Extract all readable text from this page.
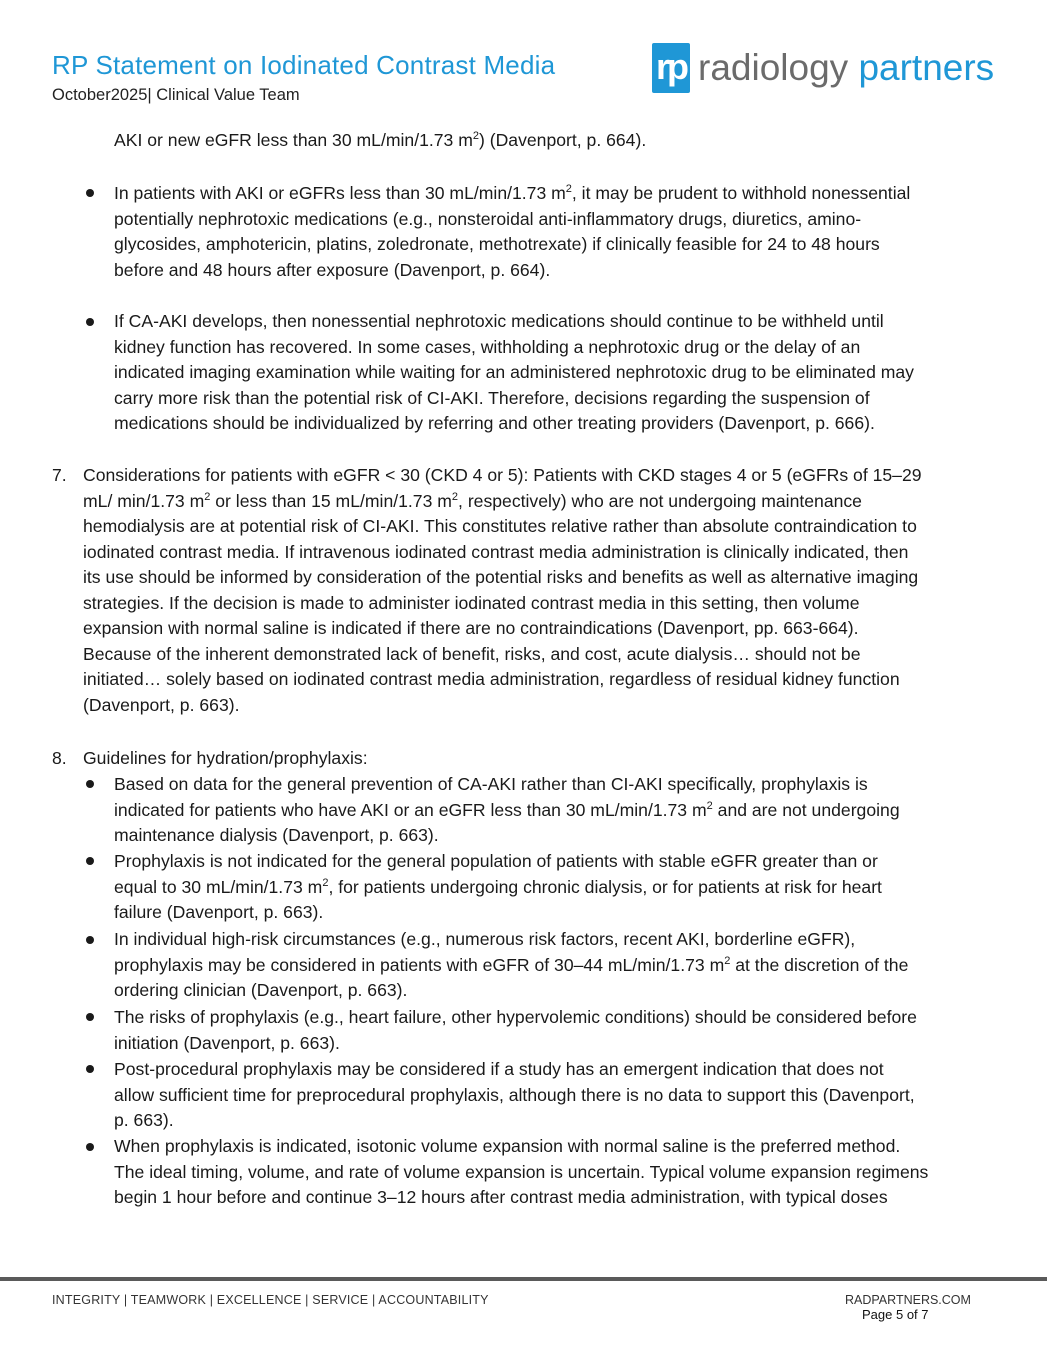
RP Statement on Iodinated Contrast Media
October2025| Clinical Value Team
rp radiology partners
AKI or new eGFR less than 30 mL/min/1.73 $m^2$) (Davenport, p. 664).
In patients with AKI or eGFRs less than 30 mL/min/1.73 $m^2$, it may be prudent to withhold nonessential
potentially nephrotoxic medications (e.g., nonsteroidal anti-inflammatory drugs, diuretics, amino-
glycosides, amphotericin, platins, zoledronate, methotrexate) if clinically feasible for 24 to 48 hours
before and 48 hours after exposure (Davenport, p. 664).
If CA-AKI develops, then nonessential nephrotoxic medications should continue to be withheld until
kidney function has recovered. In some cases, withholding a nephrotoxic drug or the delay of an
indicated imaging examination while waiting for an administered nephrotoxic drug to be eliminated may
carry more risk than the potential risk of CI-AKI. Therefore, decisions regarding the suspension of
medications should be individualized by referring and other treating providers (Davenport, p. 666).
7. Considerations for patients with eGFR < 30 (CKD 4 or 5): Patients with CKD stages 4 or 5 (eGFRs of 15–29
mL/ min/1.73 $m^2$ or less than 15 mL/min/1.73 $m^2$, respectively) who are not undergoing maintenance
hemodialysis are at potential risk of CI-AKI. This constitutes relative rather than absolute contraindication to
iodinated contrast media. If intravenous iodinated contrast media administration is clinically indicated, then
its use should be informed by consideration of the potential risks and benefits as well as alternative imaging
strategies. If the decision is made to administer iodinated contrast media in this setting, then volume
expansion with normal saline is indicated if there are no contraindications (Davenport, pp. 663-664).
Because of the inherent demonstrated lack of benefit, risks, and cost, acute dialysis… should not be
initiated… solely based on iodinated contrast media administration, regardless of residual kidney function
(Davenport, p. 663).
8. Guidelines for hydration/prophylaxis:
Based on data for the general prevention of CA-AKI rather than CI-AKI specifically, prophylaxis is
indicated for patients who have AKI or an eGFR less than 30 mL/min/1.73 $m^2$ and are not undergoing
maintenance dialysis (Davenport, p. 663).
Prophylaxis is not indicated for the general population of patients with stable eGFR greater than or
equal to 30 mL/min/1.73 $m^2$, for patients undergoing chronic dialysis, or for patients at risk for heart
failure (Davenport, p. 663).
In individual high-risk circumstances (e.g., numerous risk factors, recent AKI, borderline eGFR),
prophylaxis may be considered in patients with eGFR of 30–44 mL/min/1.73 $m^2$ at the discretion of the
ordering clinician (Davenport, p. 663).
The risks of prophylaxis (e.g., heart failure, other hypervolemic conditions) should be considered before
initiation (Davenport, p. 663).
Post-procedural prophylaxis may be considered if a study has an emergent indication that does not
allow sufficient time for preprocedural prophylaxis, although there is no data to support this (Davenport,
p. 663).
When prophylaxis is indicated, isotonic volume expansion with normal saline is the preferred method.
The ideal timing, volume, and rate of volume expansion is uncertain. Typical volume expansion regimens
begin 1 hour before and continue 3–12 hours after contrast media administration, with typical doses
INTEGRITY | TEAMWORK | EXCELLENCE | SERVICE | ACCOUNTABILITY	RADPARTNERS.COM
Page 5 of 7
